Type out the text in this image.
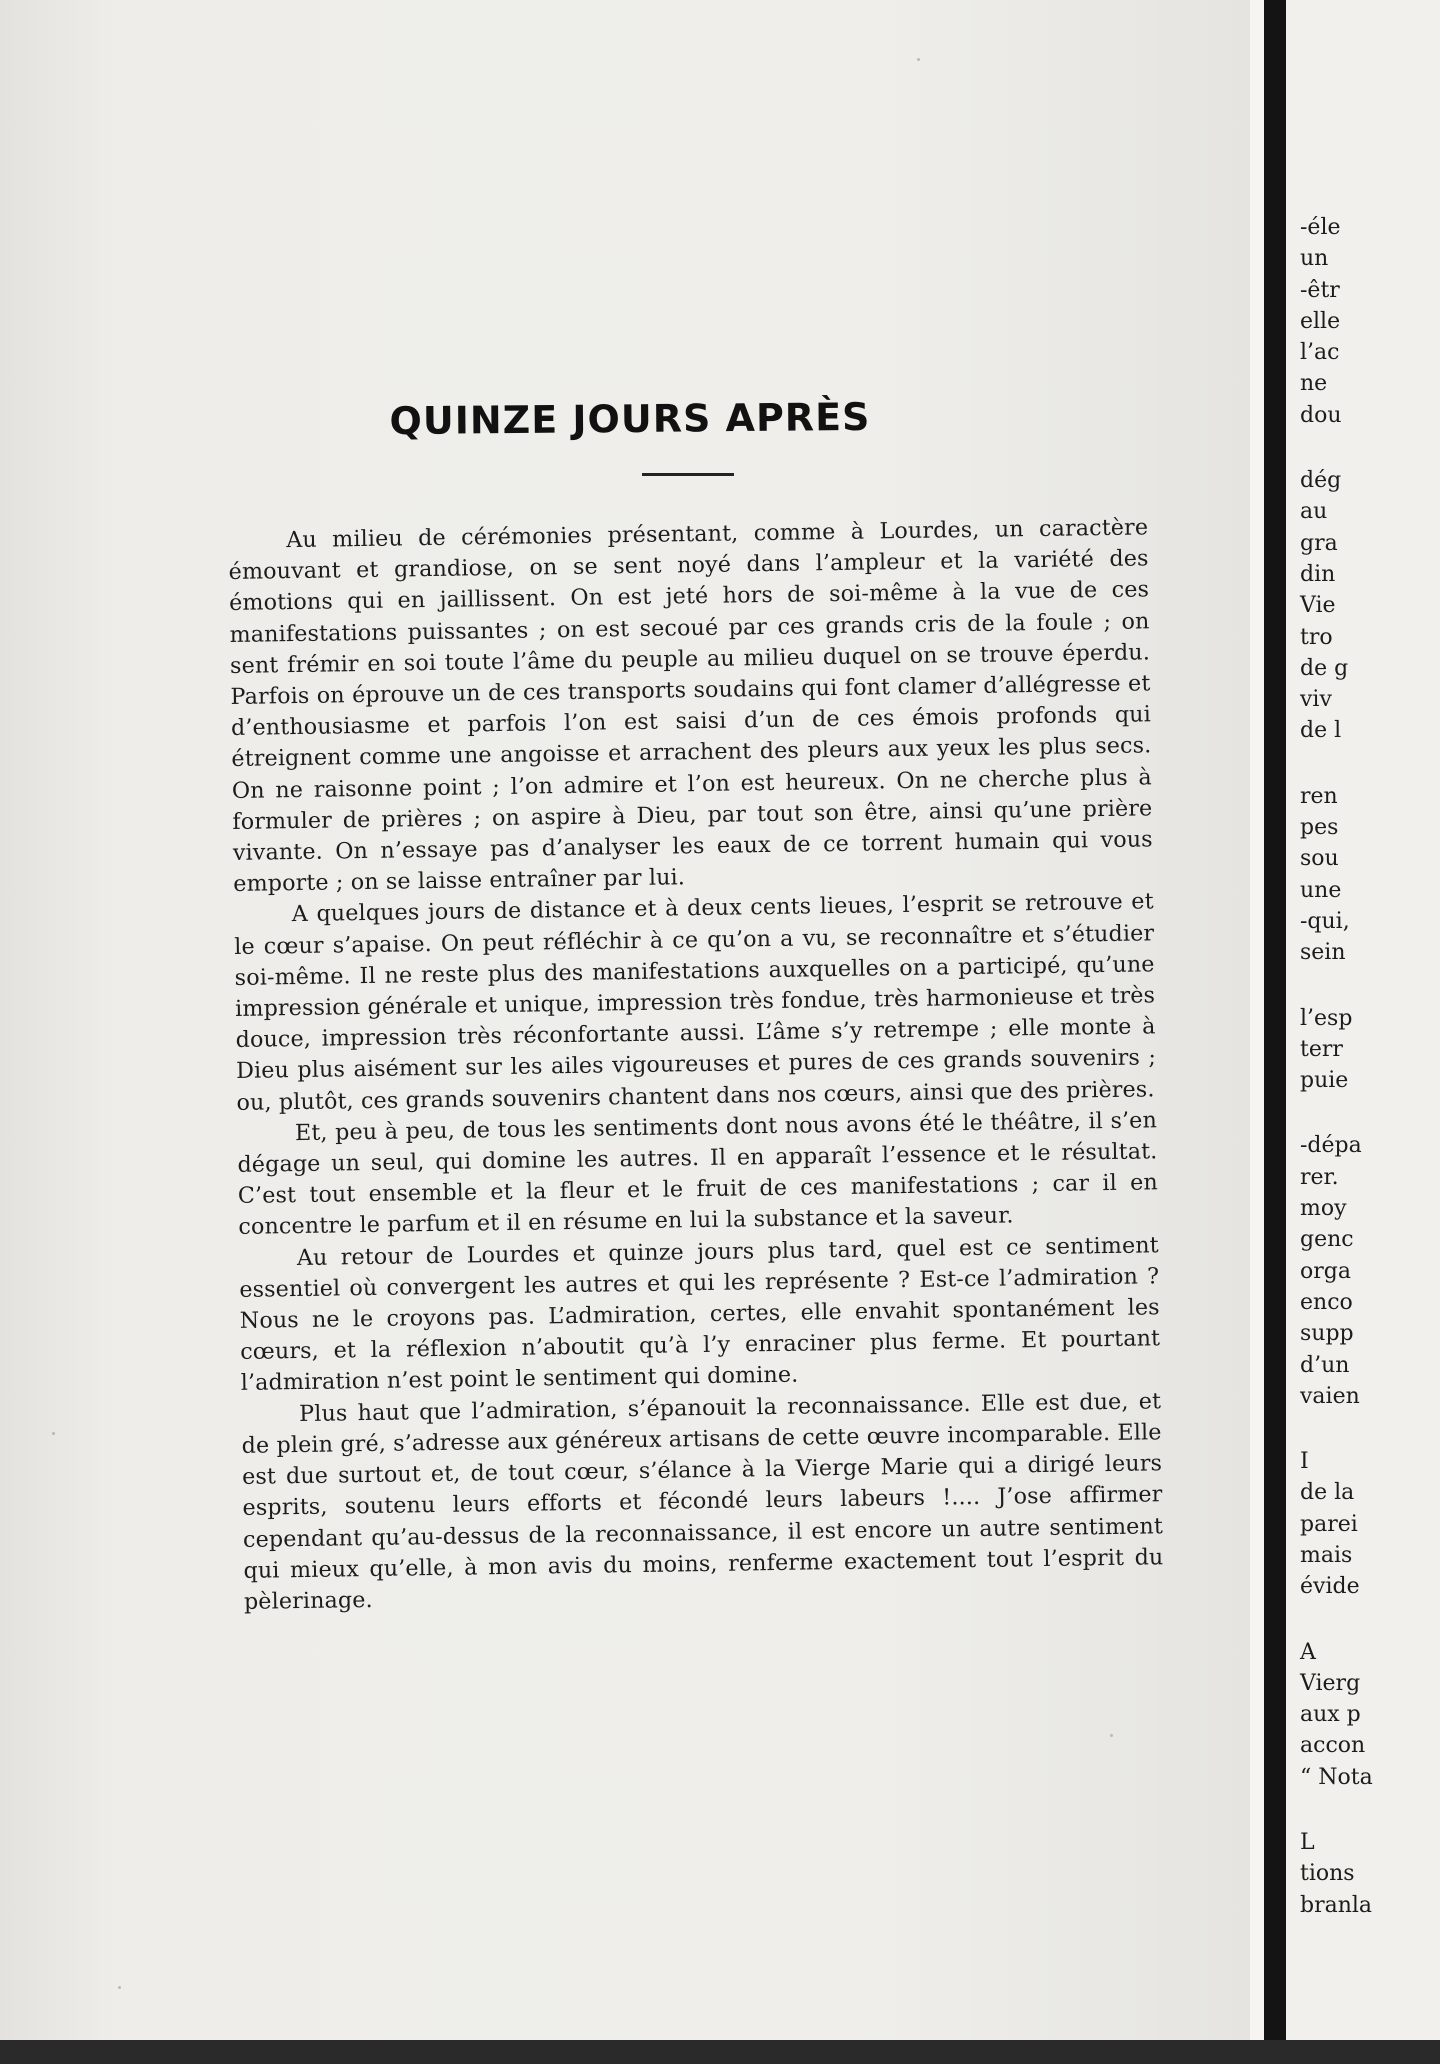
-éle
un
-êtr
elle
l’ac
ne
dou
dég
au
gra
din
Vie
tro
de g
viv
de l
ren
pes
sou
une
-qui,
sein
l’esp
terr
puie
-dépa
rer.
moy
genc
orga
enco
supp
d’un
vaien
I
de la
parei
mais
évide
A
Vierg
aux p
accon
“ Nota
L
tions
branla
QUINZE JOURS APRÈS

Au milieu de cérémonies présentant, comme à Lourdes, un caractère émouvant et grandiose, on se sent noyé dans l’ampleur et la variété des émotions qui en jaillissent. On est jeté hors de soi-même à la vue de ces manifestations puissantes ; on est secoué par ces grands cris de la foule ; on sent frémir en soi toute l’âme du peuple au milieu duquel on se trouve éperdu. Parfois on éprouve un de ces transports soudains qui font clamer d’allégresse et d’enthousiasme et parfois l’on est saisi d’un de ces émois profonds qui étreignent comme une angoisse et arrachent des pleurs aux yeux les plus secs. On ne raisonne point ; l’on admire et l’on est heureux. On ne cherche plus à formuler de prières ; on aspire à Dieu, par tout son être, ainsi qu’une prière vivante. On n’essaye pas d’analyser les eaux de ce torrent humain qui vous emporte ; on se laisse entraîner par lui.

A quelques jours de distance et à deux cents lieues, l’esprit se retrouve et le cœur s’apaise. On peut réfléchir à ce qu’on a vu, se reconnaître et s’étudier soi-même. Il ne reste plus des manifestations auxquelles on a participé, qu’une impression générale et unique, impression très fondue, très harmonieuse et très douce, impression très réconfortante aussi. L’âme s’y retrempe ; elle monte à Dieu plus aisément sur les ailes vigoureuses et pures de ces grands souvenirs ; ou, plutôt, ces grands souvenirs chantent dans nos cœurs, ainsi que des prières.

Et, peu à peu, de tous les sentiments dont nous avons été le théâtre, il s’en dégage un seul, qui domine les autres. Il en apparaît l’essence et le résultat. C’est tout ensemble et la fleur et le fruit de ces manifestations ; car il en concentre le parfum et il en résume en lui la substance et la saveur.

Au retour de Lourdes et quinze jours plus tard, quel est ce sentiment essentiel où convergent les autres et qui les représente ? Est-ce l’admiration ? Nous ne le croyons pas. L’admiration, certes, elle envahit spontanément les cœurs, et la réflexion n’aboutit qu’à l’y enraciner plus ferme. Et pourtant l’admiration n’est point le sentiment qui domine.

Plus haut que l’admiration, s’épanouit la reconnaissance. Elle est due, et de plein gré, s’adresse aux généreux artisans de cette œuvre incomparable. Elle est due surtout et, de tout cœur, s’élance à la Vierge Marie qui a dirigé leurs esprits, soutenu leurs efforts et fécondé leurs labeurs !.... J’ose affirmer cependant qu’au-dessus de la reconnaissance, il est encore un autre sentiment qui mieux qu’elle, à mon avis du moins, renferme exactement tout l’esprit du pèlerinage.
